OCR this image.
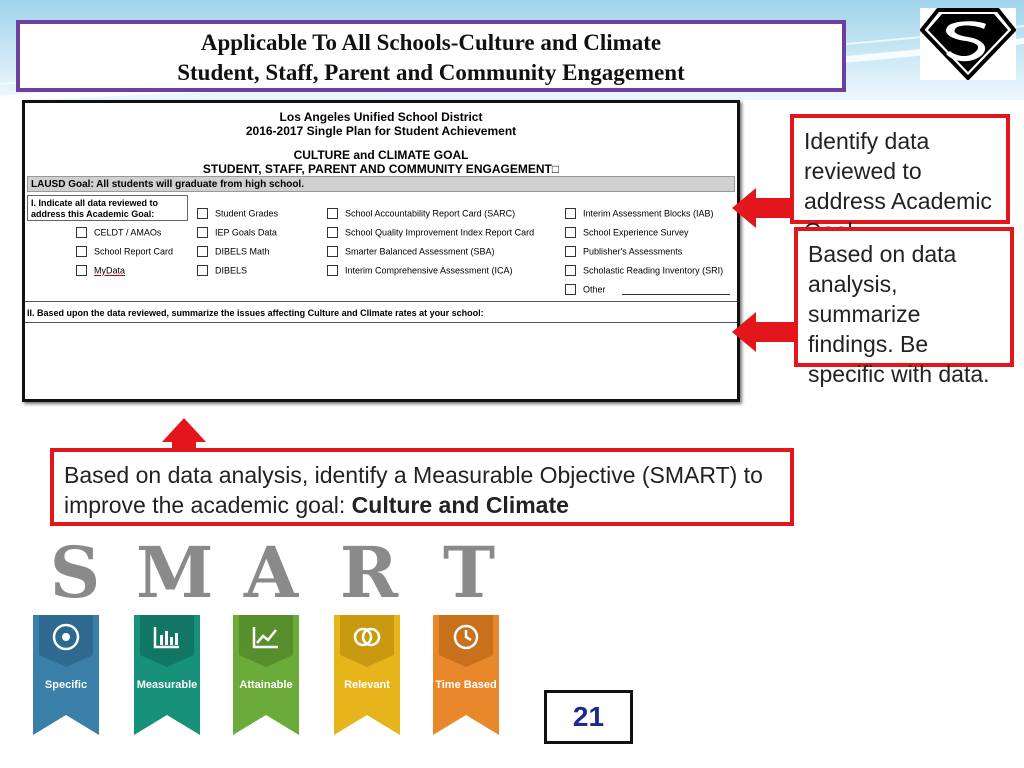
Applicable To All Schools-Culture and Climate
Student, Staff, Parent and Community Engagement
Los Angeles Unified School District
2016-2017 Single Plan for Student Achievement
CULTURE and CLIMATE GOAL
STUDENT, STAFF, PARENT AND COMMUNITY ENGAGEMENT□
LAUSD Goal: All students will graduate from high school.
I. Indicate all data reviewed to address this Academic Goal:	Student Grades	School Accountability Report Card (SARC)	Interim Assessment Blocks (IAB)
CELDT / AMAOs	IEP Goals Data	School Quality Improvement Index Report Card	School Experience Survey
School Report Card	DIBELS Math	Smarter Balanced Assessment (SBA)	Publisher's Assessments
MyData	DIBELS	Interim Comprehensive Assessment (ICA)	Scholastic Reading Inventory (SRI)
Other
II. Based upon the data reviewed, summarize the issues affecting Culture and Climate rates at your school:
Identify data reviewed to address Academic
Based on data analysis, summarize findings. Be specific with data.
Based on data analysis, identify a Measurable Objective (SMART) to improve the academic goal: Culture and Climate
S M A R T
Specific	Measurable	Attainable	Relevant	Time Based
21
